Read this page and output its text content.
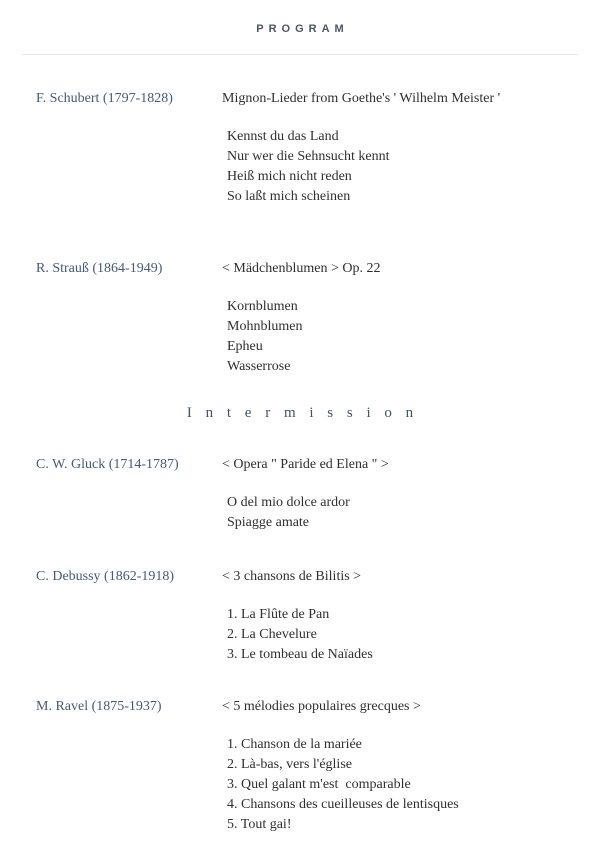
PROGRAM
F. Schubert (1797-1828)	Mignon-Lieder from Goethe's ' Wilhelm Meister '
Kennst du das Land
Nur wer die Sehnsucht kennt
Heiß mich nicht reden
So laßt mich scheinen
R. Strauß (1864-1949)	< Mädchenblumen > Op. 22
Kornblumen
Mohnblumen
Epheu
Wasserrose
I n t e r m i s s i o n
C. W. Gluck (1714-1787)	< Opera " Paride ed Elena " >
O del mio dolce ardor
Spiagge amate
C. Debussy (1862-1918)	< 3 chansons de Bilitis >
1. La Flûte de Pan
2. La Chevelure
3. Le tombeau de Naïades
M. Ravel (1875-1937)	< 5 mélodies populaires grecques >
1. Chanson de la mariée
2. Là-bas, vers l'église
3. Quel galant m'est  comparable
4. Chansons des cueilleuses de lentisques
5. Tout gai!
